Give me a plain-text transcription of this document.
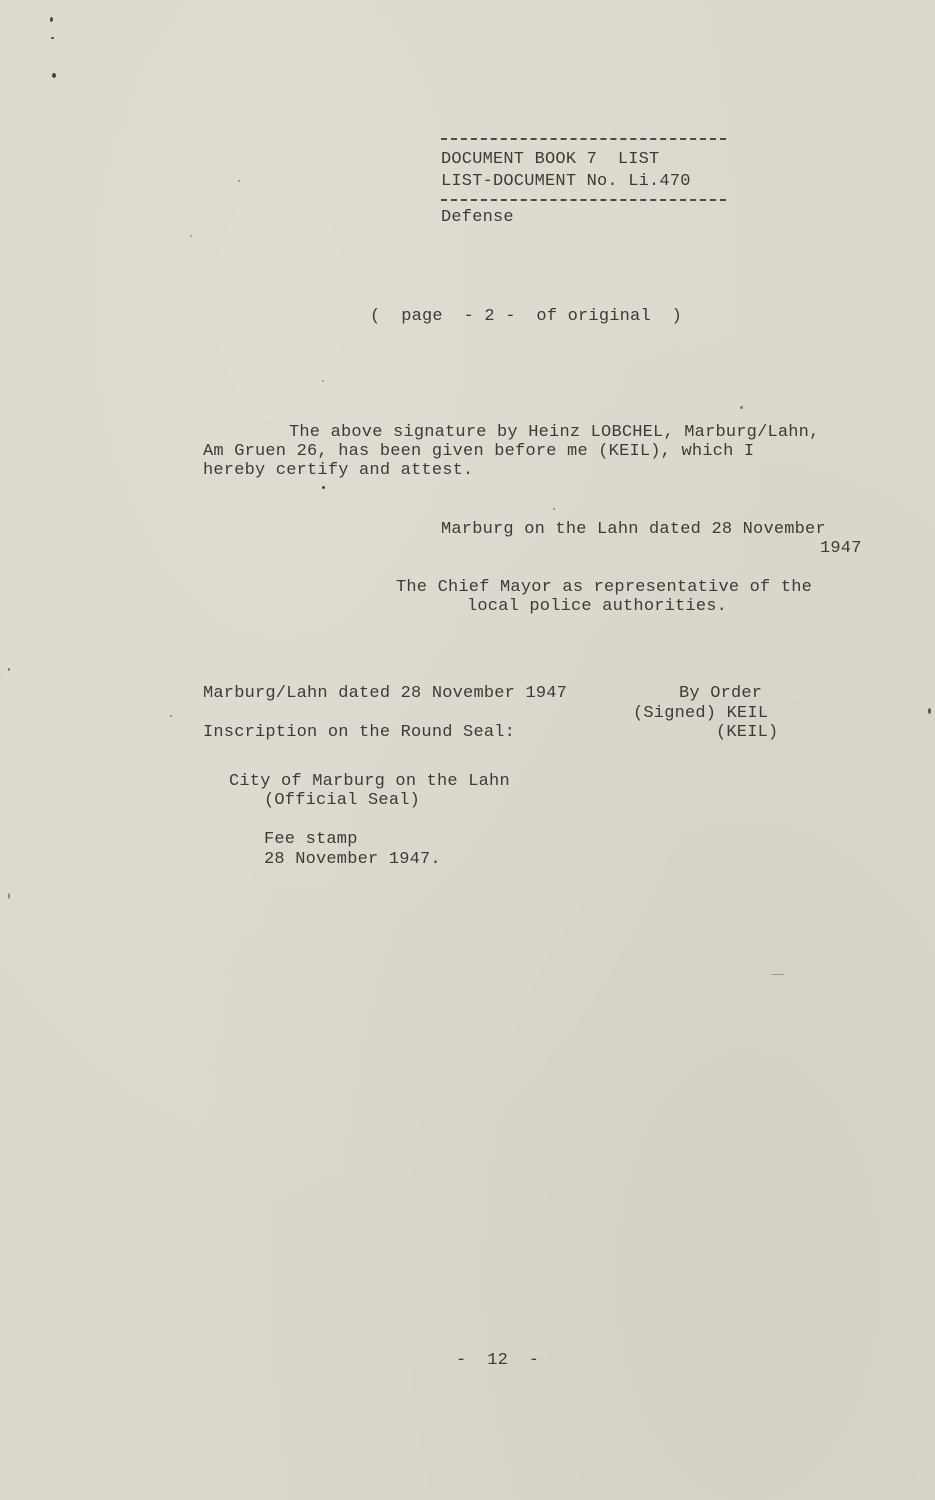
DOCUMENT BOOK 7  LIST
LIST-DOCUMENT No. Li.470
Defense
(  page  - 2 -  of original  )
The above signature by Heinz LOBCHEL, Marburg/Lahn,
Am Gruen 26, has been given before me (KEIL), which I
hereby certify and attest.
Marburg on the Lahn dated 28 November
1947
The Chief Mayor as representative of the
local police authorities.
Marburg/Lahn dated 28 November 1947
Inscription on the Round Seal:
By Order
(Signed) KEIL
(KEIL)
City of Marburg on the Lahn
(Official Seal)
Fee stamp
28 November 1947.
-  12  -
